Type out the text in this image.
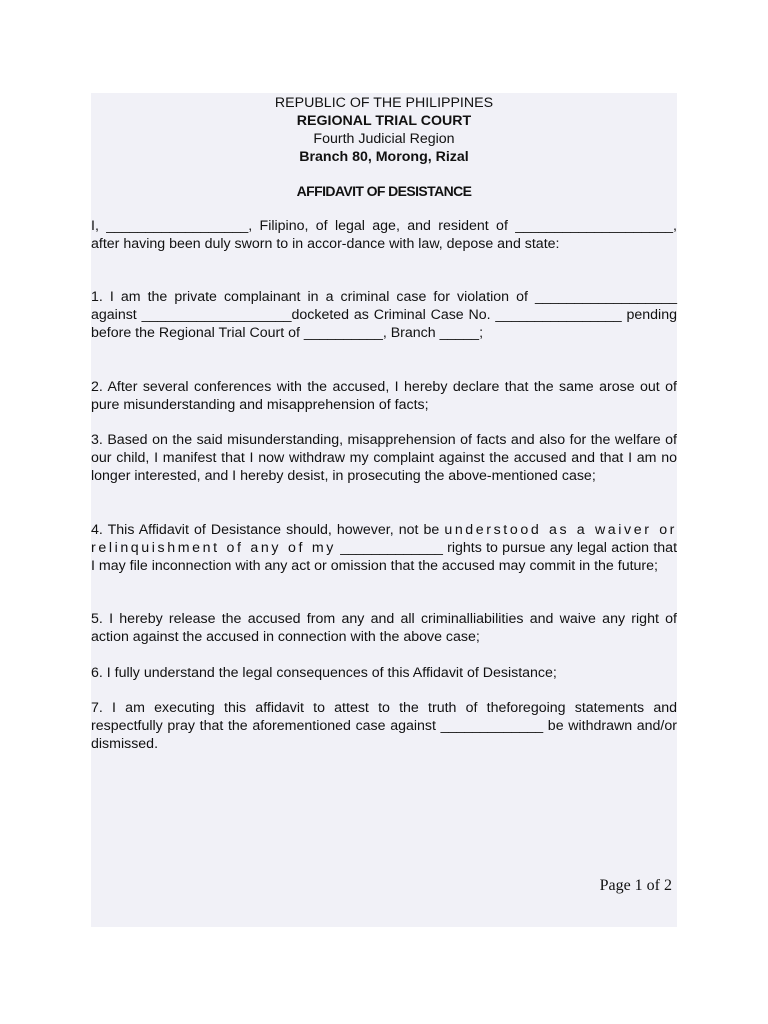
REPUBLIC OF THE PHILIPPINES

REGIONAL TRIAL COURT

Fourth Judicial Region

Branch 80, Morong, Rizal

AFFIDAVIT OF DESISTANCE

I, __________________, Filipino, of legal age, and resident of ____________________, after having been duly sworn to in accor-dance with law, depose and state:

1. I am the private complainant in a criminal case for violation of __________________ against ___________________docketed as Criminal Case No. ________________ pending before the Regional Trial Court of __________, Branch _____;

2. After several conferences with the accused, I hereby declare that the same arose out of pure misunderstanding and misapprehension of facts;

3. Based on the said misunderstanding, misapprehension of facts and also for the welfare of our child, I manifest that I now withdraw my complaint against the accused and that I am no longer interested, and I hereby desist, in prosecuting the above-mentioned case;

4. This Affidavit of Desistance should, however, not be understood as a waiver or relinquishment of any of my _____________ rights to pursue any legal action that I may file inconnection with any act or omission that the accused may commit in the future;

5. I hereby release the accused from any and all criminalliabilities and waive any right of action against the accused in connection with the above case;

6. I fully understand the legal consequences of this Affidavit of Desistance;

7. I am executing this affidavit to attest to the truth of theforegoing statements and respectfully pray that the aforementioned case against _____________ be withdrawn and/or dismissed.

Page 1 of 2
